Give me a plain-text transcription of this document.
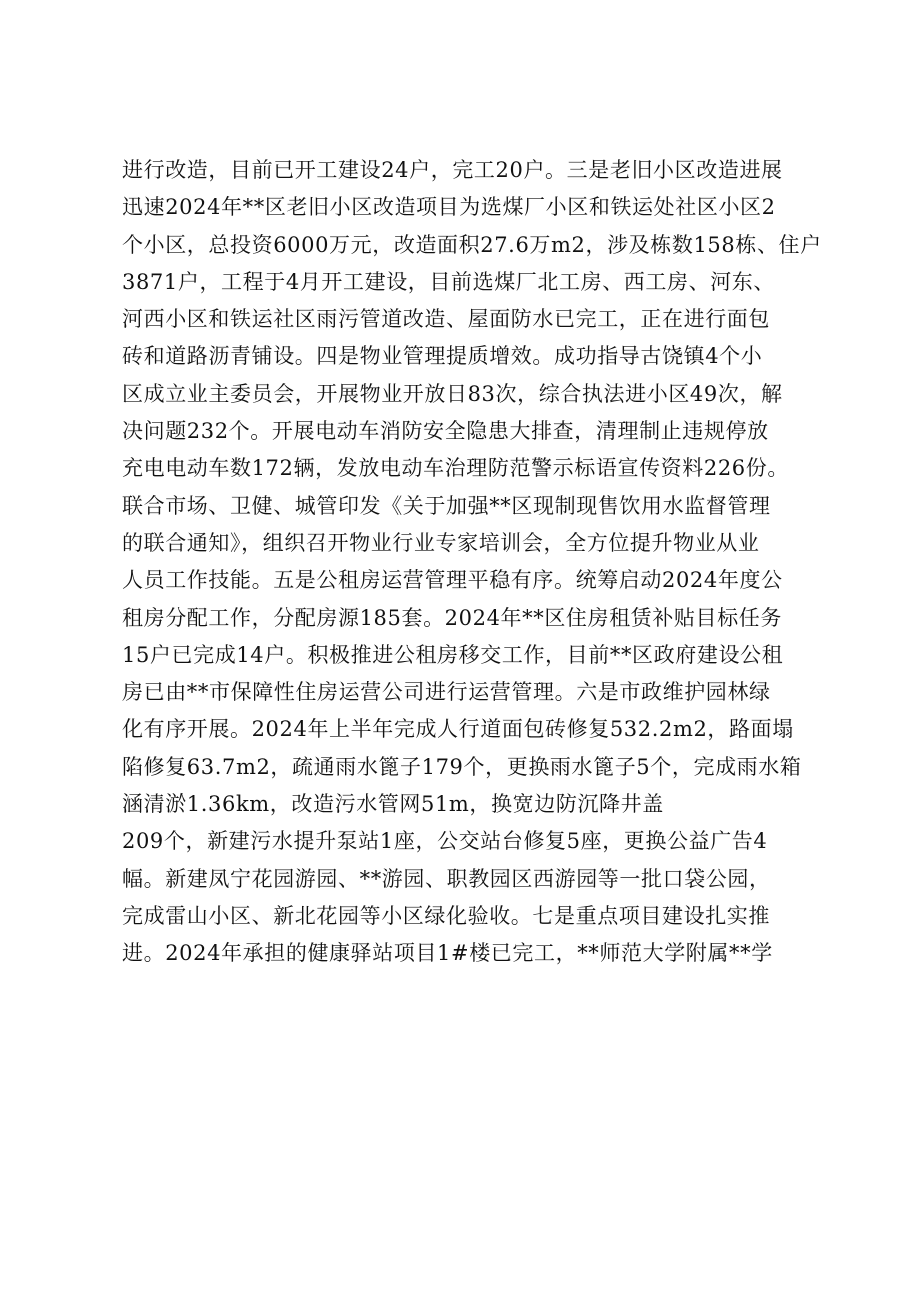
进行改造，目前已开工建设24户，完工20户。三是老旧小区改造进展
迅速2024年**区老旧小区改造项目为选煤厂小区和铁运处社区小区2
个小区，总投资6000万元，改造面积27.6万m2，涉及栋数158栋、住户
3871户，工程于4月开工建设，目前选煤厂北工房、西工房、河东、
河西小区和铁运社区雨污管道改造、屋面防水已完工，正在进行面包
砖和道路沥青铺设。四是物业管理提质增效。成功指导古饶镇4个小
区成立业主委员会，开展物业开放日83次，综合执法进小区49次，解
决问题232个。开展电动车消防安全隐患大排查，清理制止违规停放
充电电动车数172辆，发放电动车治理防范警示标语宣传资料226份。
联合市场、卫健、城管印发《关于加强**区现制现售饮用水监督管理
的联合通知》，组织召开物业行业专家培训会，全方位提升物业从业
人员工作技能。五是公租房运营管理平稳有序。统筹启动2024年度公
租房分配工作，分配房源185套。2024年**区住房租赁补贴目标任务
15户已完成14户。积极推进公租房移交工作，目前**区政府建设公租
房已由**市保障性住房运营公司进行运营管理。六是市政维护园林绿
化有序开展。2024年上半年完成人行道面包砖修复532.2m2，路面塌
陷修复63.7m2，疏通雨水篦子179个，更换雨水篦子5个，完成雨水箱
涵清淤1.36km，改造污水管网51m，换宽边防沉降井盖
209个，新建污水提升泵站1座，公交站台修复5座，更换公益广告4
幅。新建凤宁花园游园、**游园、职教园区西游园等一批口袋公园，
完成雷山小区、新北花园等小区绿化验收。七是重点项目建设扎实推
进。2024年承担的健康驿站项目1#楼已完工，**师范大学附属**学
